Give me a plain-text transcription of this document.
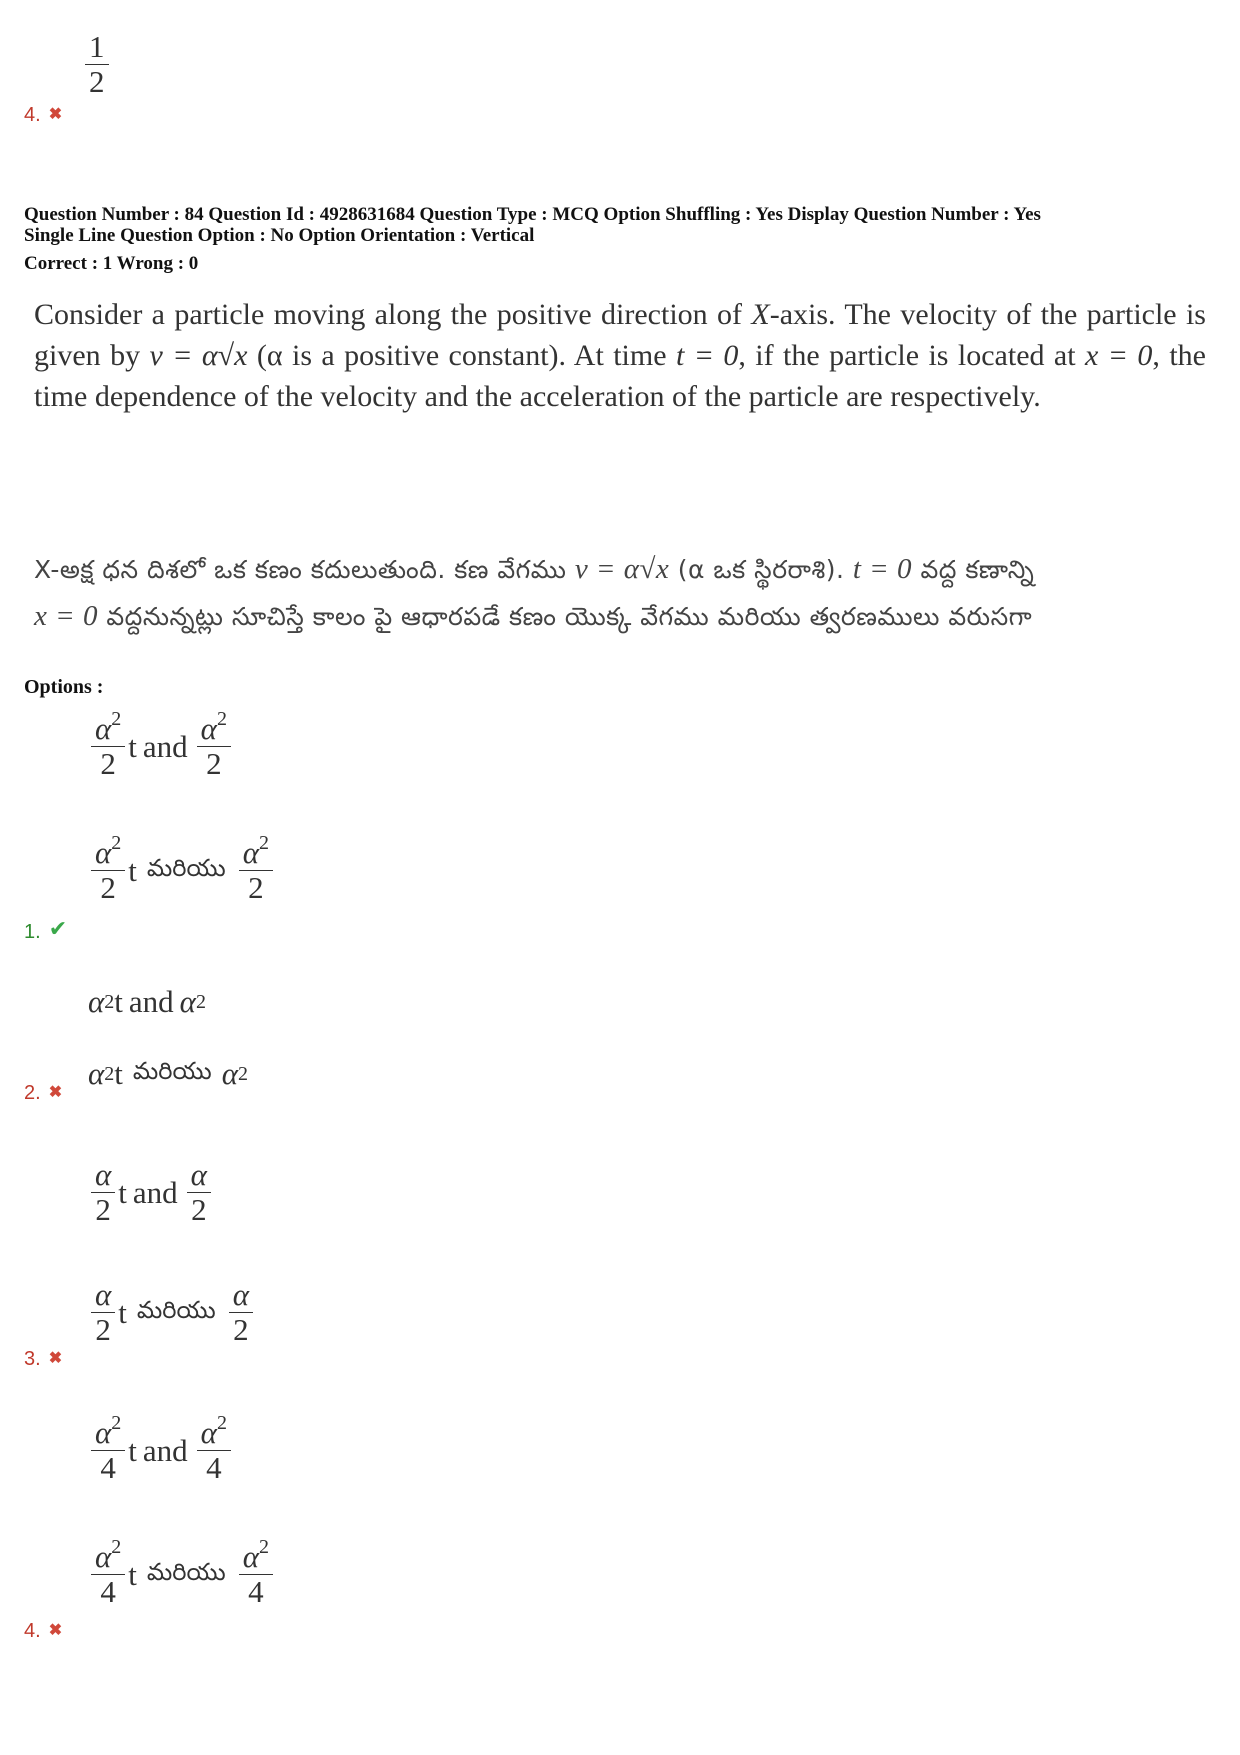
$\frac{1}{2}$
4. ✖
Question Number : 84 Question Id : 4928631684 Question Type : MCQ Option Shuffling : Yes Display Question Number : Yes
Single Line Question Option : No Option Orientation : Vertical
Correct : 1 Wrong : 0
Consider a particle moving along the positive direction of X-axis. The velocity of the particle is given by v = α√x (α is a positive constant). At time t = 0, if the particle is located at x = 0, the time dependence of the velocity and the acceleration of the particle are respectively.
X-అక్ష ధన దిశలో ఒక కణం కదులుతుంది. కణ వేగము v = α√x (α ఒక స్థిరరాశి). t = 0 వద్ద కణాన్ని
x = 0 వద్దనున్నట్లు సూచిస్తే కాలం పై ఆధారపడే కణం యొక్క వేగము మరియు త్వరణములు వరుసగా
Options :
$\frac{\alpha^2}{2}$ t and $\frac{\alpha^2}{2}$
$\frac{\alpha^2}{2}$ t మరియు $\frac{\alpha^2}{2}$
1. ✔
α 2 t and α 2
α 2 t మరియు α 2
2. ✖
$\frac{\alpha}{2}$ t and $\frac{\alpha}{2}$
$\frac{\alpha}{2}$ t మరియు $\frac{\alpha}{2}$
3. ✖
$\frac{\alpha^2}{4}$ t and $\frac{\alpha^2}{4}$
$\frac{\alpha^2}{4}$ t మరియు $\frac{\alpha^2}{4}$
4. ✖
